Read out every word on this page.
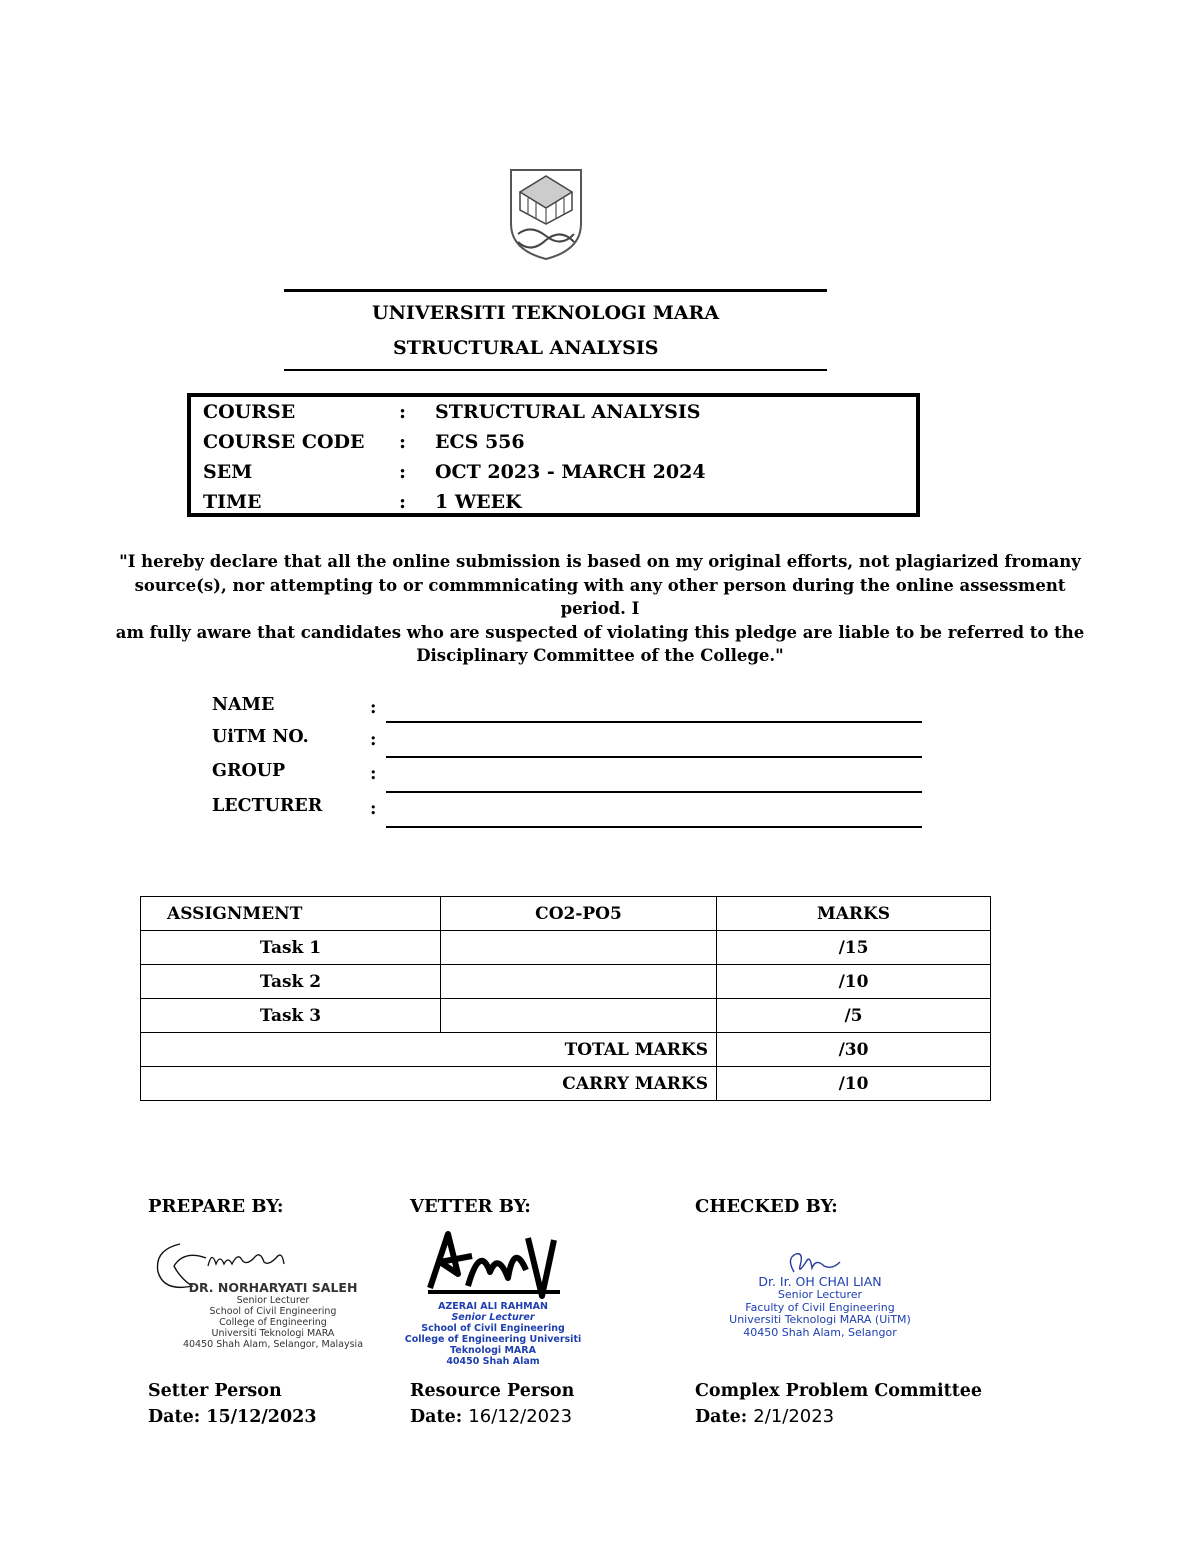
UNIVERSITI TEKNOLOGI MARA
STRUCTURAL ANALYSIS
COURSE	: STRUCTURAL ANALYSIS
COURSE CODE : ECS 556
SEM	: OCT 2023 - MARCH 2024
TIME	: 1 WEEK
"I hereby declare that all the online submission is based on my original efforts, not plagiarized fromany
source(s), nor attempting to or commmnicating with any other person during the online assessment period. I
am fully aware that candidates who are suspected of violating this pledge are liable to be referred to the
Disciplinary Committee of the College."
NAME	:
UiTM NO.	:
GROUP	:
LECTURER	:
ASSIGNMENT	CO2-PO5	MARKS
Task 1		/15
Task 2		/10
Task 3		/5
TOTAL MARKS		/30
CARRY MARKS		/10
PREPARE BY:
DR. NORHARYATI SALEH
Senior Lecturer
School of Civil Engineering
College of Engineering
Universiti Teknologi MARA
40450 Shah Alam, Selangor, Malaysia
Setter Person
Date: 15/12/2023
VETTER BY:
AZERAI ALI RAHMAN
Senior Lecturer
School of Civil Engineering
College of Engineering Universiti
Teknologi MARA
40450 Shah Alam
Resource Person
Date: 16/12/2023
CHECKED BY:
Dr. Ir. OH CHAI LIAN
Senior Lecturer
Faculty of Civil Engineering
Universiti Teknologi MARA (UiTM)
40450 Shah Alam, Selangor
Complex Problem Committee
Date: 2/1/2023
